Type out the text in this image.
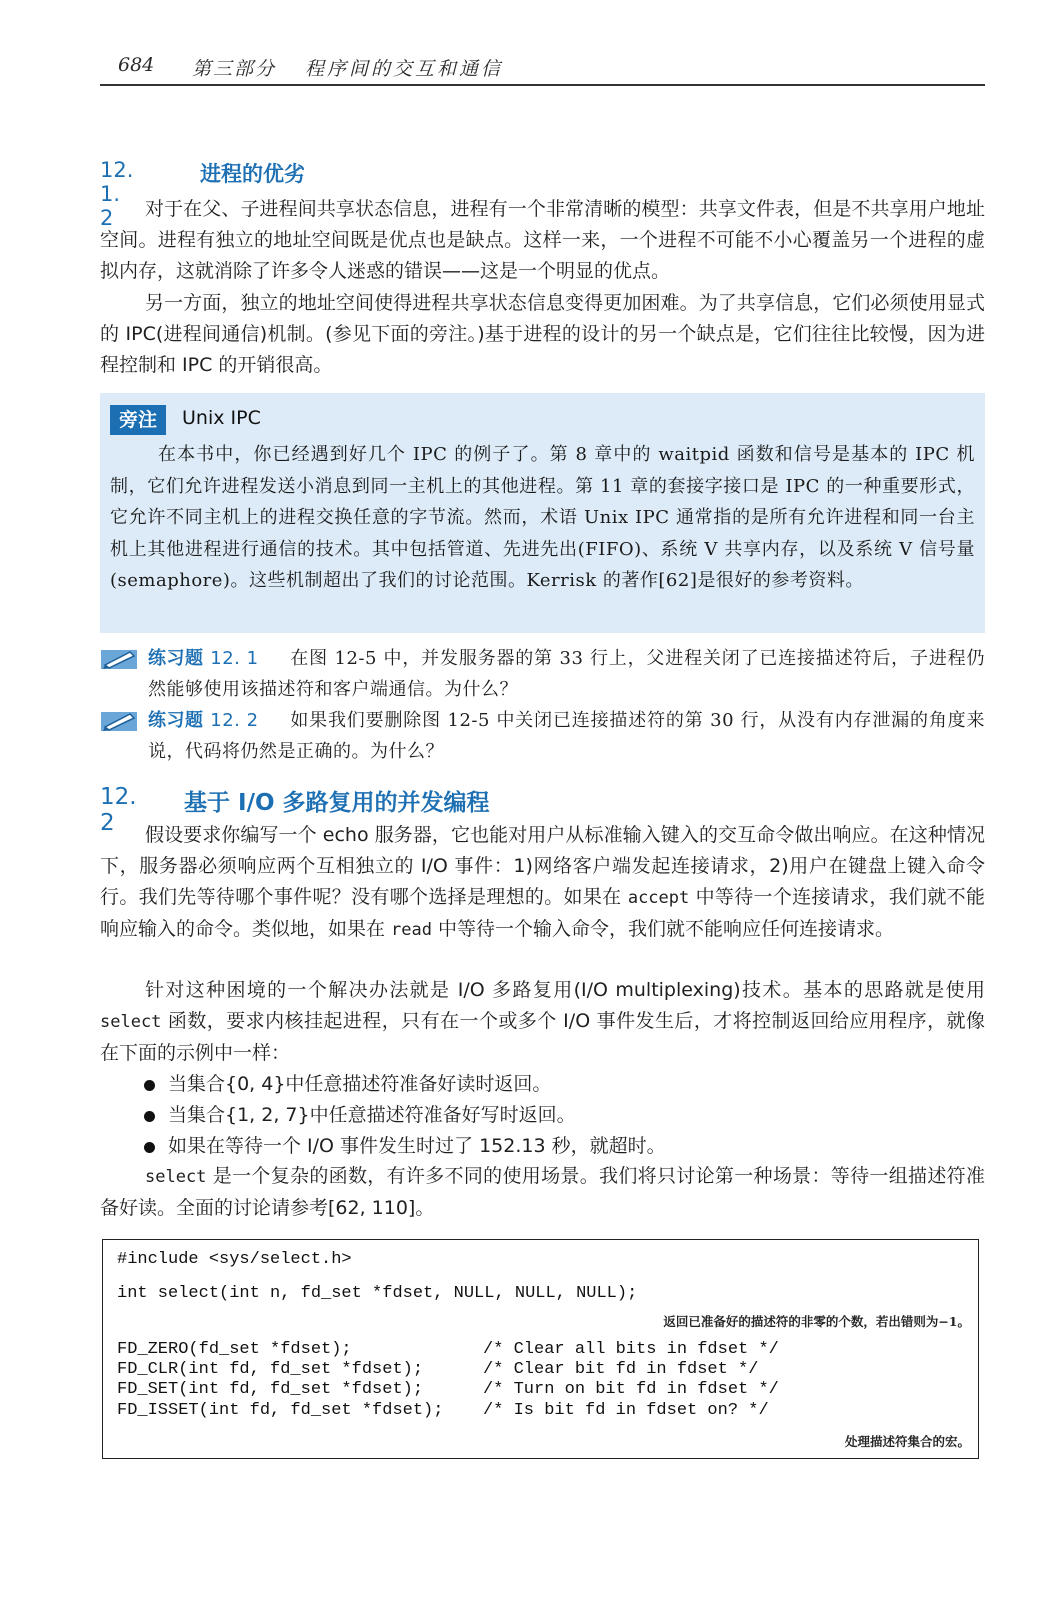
684 第三部分 程序间的交互和通信
12. 1. 2
进程的优劣

对于在父、子进程间共享状态信息，进程有一个非常清晰的模型：共享文件表，但是不共享用户地址空间。进程有独立的地址空间既是优点也是缺点。这样一来，一个进程不可能不小心覆盖另一个进程的虚拟内存，这就消除了许多令人迷惑的错误——这是一个明显的优点。

另一方面，独立的地址空间使得进程共享状态信息变得更加困难。为了共享信息，它们必须使用显式的 IPC(进程间通信)机制。(参见下面的旁注。)基于进程的设计的另一个缺点是，它们往往比较慢，因为进程控制和 IPC 的开销很高。

旁注	Unix IPC
在本书中，你已经遇到好几个 IPC 的例子了。第 8 章中的 waitpid 函数和信号是基本的 IPC 机制，它们允许进程发送小消息到同一主机上的其他进程。第 11 章的套接字接口是 IPC 的一种重要形式，它允许不同主机上的进程交换任意的字节流。然而，术语 Unix IPC 通常指的是所有允许进程和同一台主机上其他进程进行通信的技术。其中包括管道、先进先出(FIFO)、系统 V 共享内存，以及系统 V 信号量(semaphore)。这些机制超出了我们的讨论范围。Kerrisk 的著作[62]是很好的参考资料。
练习题 12. 1 在图 12-5 中，并发服务器的第 33 行上，父进程关闭了已连接描述符后，子进程仍然能够使用该描述符和客户端通信。为什么？
练习题 12. 2 如果我们要删除图 12-5 中关闭已连接描述符的第 30 行，从没有内存泄漏的角度来说，代码将仍然是正确的。为什么？
12. 2
基于 I/O 多路复用的并发编程

假设要求你编写一个 echo 服务器，它也能对用户从标准输入键入的交互命令做出响应。在这种情况下，服务器必须响应两个互相独立的 I/O 事件：1)网络客户端发起连接请求，2)用户在键盘上键入命令行。我们先等待哪个事件呢？没有哪个选择是理想的。如果在 accept 中等待一个连接请求，我们就不能响应输入的命令。类似地，如果在 read 中等待一个输入命令，我们就不能响应任何连接请求。

针对这种困境的一个解决办法就是 I/O 多路复用(I/O multiplexing)技术。基本的思路就是使用 select 函数，要求内核挂起进程，只有在一个或多个 I/O 事件发生后，才将控制返回给应用程序，就像在下面的示例中一样：

当集合{0, 4}中任意描述符准备好读时返回。
当集合{1, 2, 7}中任意描述符准备好写时返回。
如果在等待一个 I/O 事件发生时过了 152.13 秒，就超时。

select 是一个复杂的函数，有许多不同的使用场景。我们将只讨论第一种场景：等待一组描述符准备好读。全面的讨论请参考[62, 110]。

#include <sys/select.h>
int select(int n, fd_set *fdset, NULL, NULL, NULL);
返回已准备好的描述符的非零的个数，若出错则为−1。
FD_ZERO(fd_set *fdset);	/* Clear all bits in fdset */
FD_CLR(int fd, fd_set *fdset);	/* Clear bit fd in fdset */
FD_SET(int fd, fd_set *fdset);	/* Turn on bit fd in fdset */
FD_ISSET(int fd, fd_set *fdset); /* Is bit fd in fdset on? */
处理描述符集合的宏。
